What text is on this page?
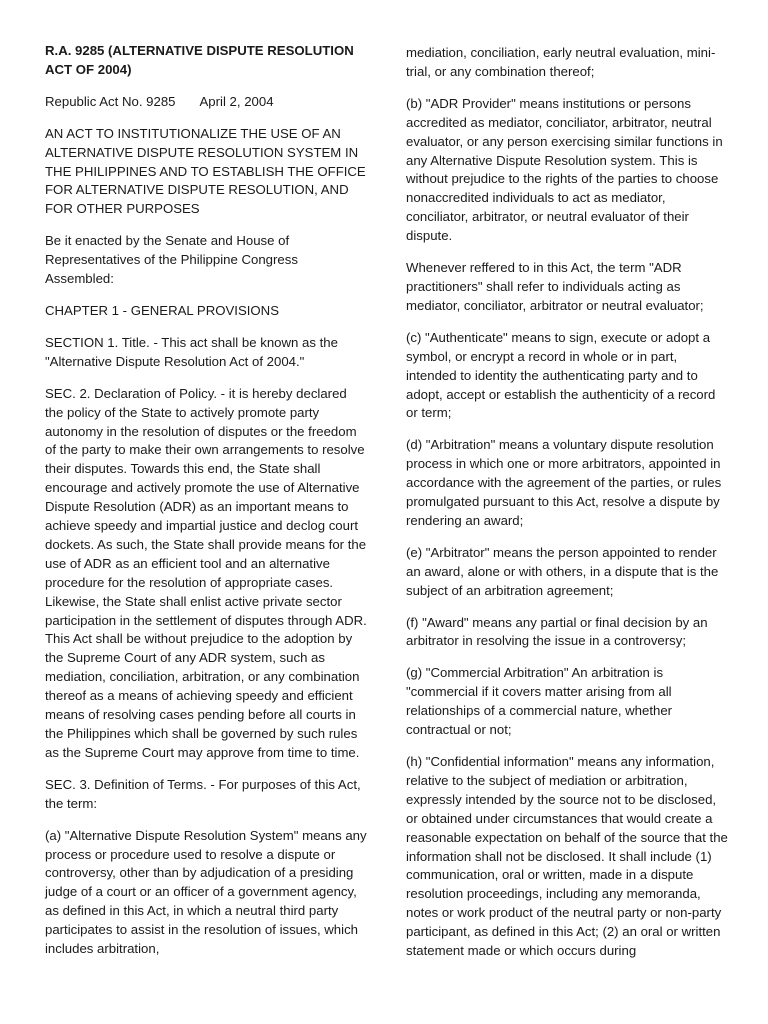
R.A. 9285 (ALTERNATIVE DISPUTE RESOLUTION ACT OF 2004)

Republic Act No. 9285 April 2, 2004

AN ACT TO INSTITUTIONALIZE THE USE OF AN ALTERNATIVE DISPUTE RESOLUTION SYSTEM IN THE PHILIPPINES AND TO ESTABLISH THE OFFICE FOR ALTERNATIVE DISPUTE RESOLUTION, AND FOR OTHER PURPOSES

Be it enacted by the Senate and House of Representatives of the Philippine Congress Assembled:

CHAPTER 1 - GENERAL PROVISIONS

SECTION 1. Title. - This act shall be known as the "Alternative Dispute Resolution Act of 2004."

SEC. 2. Declaration of Policy. - it is hereby declared the policy of the State to actively promote party autonomy in the resolution of disputes or the freedom of the party to make their own arrangements to resolve their disputes. Towards this end, the State shall encourage and actively promote the use of Alternative Dispute Resolution (ADR) as an important means to achieve speedy and impartial justice and declog court dockets. As such, the State shall provide means for the use of ADR as an efficient tool and an alternative procedure for the resolution of appropriate cases. Likewise, the State shall enlist active private sector participation in the settlement of disputes through ADR. This Act shall be without prejudice to the adoption by the Supreme Court of any ADR system, such as mediation, conciliation, arbitration, or any combination thereof as a means of achieving speedy and efficient means of resolving cases pending before all courts in the Philippines which shall be governed by such rules as the Supreme Court may approve from time to time.

SEC. 3. Definition of Terms. - For purposes of this Act, the term:

(a) "Alternative Dispute Resolution System" means any process or procedure used to resolve a dispute or controversy, other than by adjudication of a presiding judge of a court or an officer of a government agency, as defined in this Act, in which a neutral third party participates to assist in the resolution of issues, which includes arbitration,

mediation, conciliation, early neutral evaluation, mini-trial, or any combination thereof;

(b) "ADR Provider" means institutions or persons accredited as mediator, conciliator, arbitrator, neutral evaluator, or any person exercising similar functions in any Alternative Dispute Resolution system. This is without prejudice to the rights of the parties to choose nonaccredited individuals to act as mediator, conciliator, arbitrator, or neutral evaluator of their dispute.

Whenever reffered to in this Act, the term "ADR practitioners" shall refer to individuals acting as mediator, conciliator, arbitrator or neutral evaluator;

(c) "Authenticate" means to sign, execute or adopt a symbol, or encrypt a record in whole or in part, intended to identity the authenticating party and to adopt, accept or establish the authenticity of a record or term;

(d) "Arbitration" means a voluntary dispute resolution process in which one or more arbitrators, appointed in accordance with the agreement of the parties, or rules promulgated pursuant to this Act, resolve a dispute by rendering an award;

(e) "Arbitrator" means the person appointed to render an award, alone or with others, in a dispute that is the subject of an arbitration agreement;

(f) "Award" means any partial or final decision by an arbitrator in resolving the issue in a controversy;

(g) "Commercial Arbitration" An arbitration is "commercial if it covers matter arising from all relationships of a commercial nature, whether contractual or not;

(h) "Confidential information" means any information, relative to the subject of mediation or arbitration, expressly intended by the source not to be disclosed, or obtained under circumstances that would create a reasonable expectation on behalf of the source that the information shall not be disclosed. It shall include (1) communication, oral or written, made in a dispute resolution proceedings, including any memoranda, notes or work product of the neutral party or non-party participant, as defined in this Act; (2) an oral or written statement made or which occurs during
